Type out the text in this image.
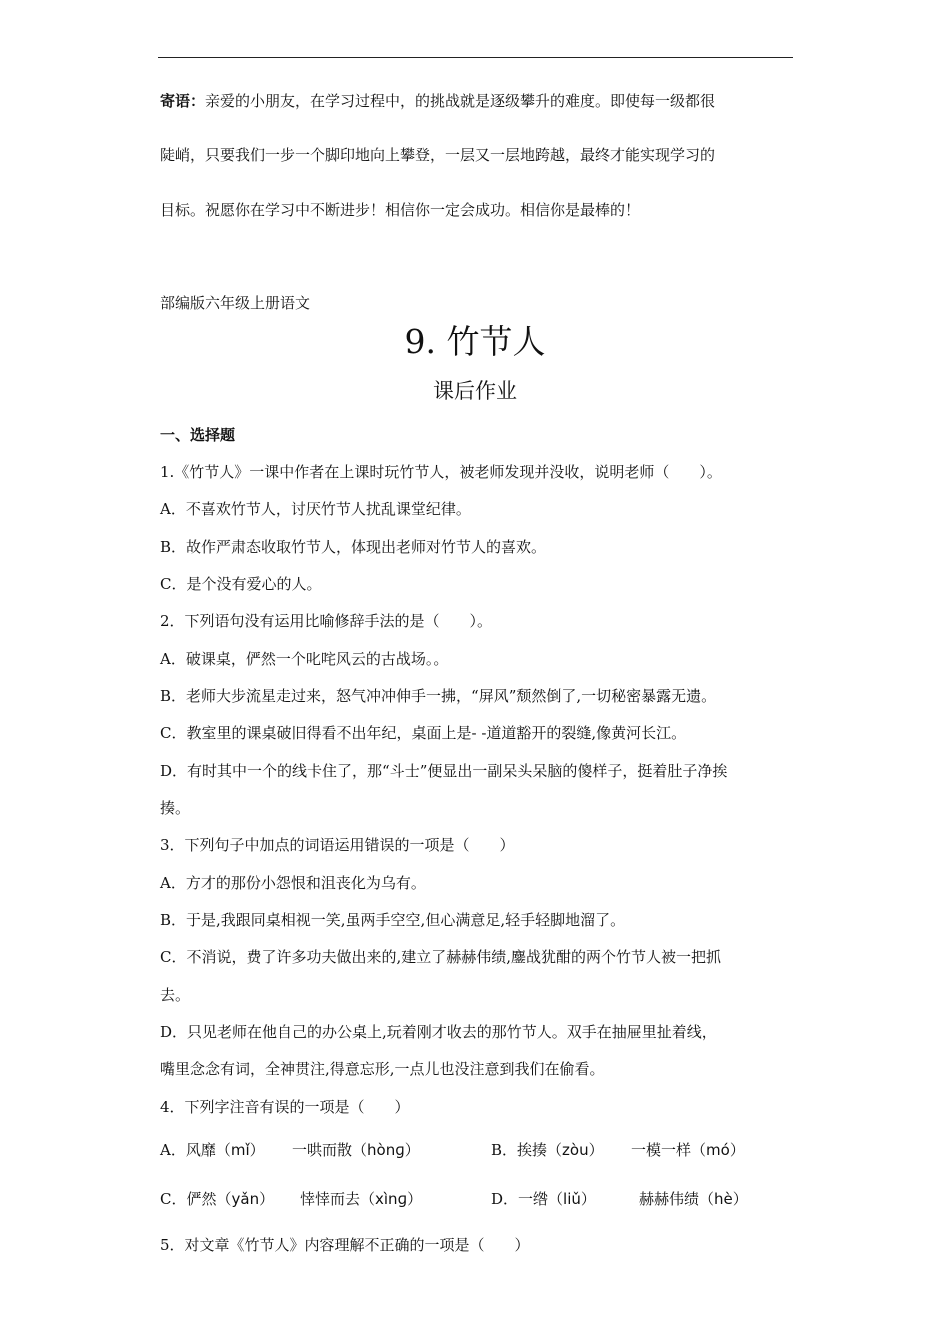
寄语：亲爱的小朋友，在学习过程中，的挑战就是逐级攀升的难度。即使每一级都很
陡峭，只要我们一步一个脚印地向上攀登，一层又一层地跨越，最终才能实现学习的
目标。祝愿你在学习中不断进步！相信你一定会成功。相信你是最棒的！
部编版六年级上册语文
9. 竹节人
课后作业
一、选择题
1.《竹节人》一课中作者在上课时玩竹节人，被老师发现并没收，说明老师（　　）。
A．不喜欢竹节人，讨厌竹节人扰乱课堂纪律。
B．故作严肃态收取竹节人，体现出老师对竹节人的喜欢。
C．是个没有爱心的人。
2．下列语句没有运用比喻修辞手法的是（　　）。
A．破课桌，俨然一个叱咤风云的古战场。。
B．老师大步流星走过来，怒气冲冲伸手一拂，“屏风”颓然倒了,一切秘密暴露无遗。
C．教室里的课桌破旧得看不出年纪，桌面上是- -道道豁开的裂缝,像黄河长江。
D．有时其中一个的线卡住了，那“斗士”便显出一副呆头呆脑的傻样子，挺着肚子净挨
揍。
3．下列句子中加点的词语运用错误的一项是（　　）
A．方才的那份小怨恨和沮丧化为乌有。
B．于是,我跟同桌相视一笑,虽两手空空,但心满意足,轻手轻脚地溜了。
C．不消说，费了许多功夫做出来的,建立了赫赫伟绩,鏖战犹酣的两个竹节人被一把抓
去。
D．只见老师在他自己的办公桌上,玩着刚才收去的那竹节人。双手在抽屉里扯着线，
嘴里念念有词，全神贯注,得意忘形,一点儿也没注意到我们在偷看。
4．下列字注音有误的一项是（　　）
A．风靡（mǐ） 一哄而散（hònɡ）	B．挨揍（zòu） 一模一样（mó）
C．俨然（yǎn） 悻悻而去（xìnɡ）	D．一绺（liǔ）	赫赫伟绩（hè）
5．对文章《竹节人》内容理解不正确的一项是（　　）
